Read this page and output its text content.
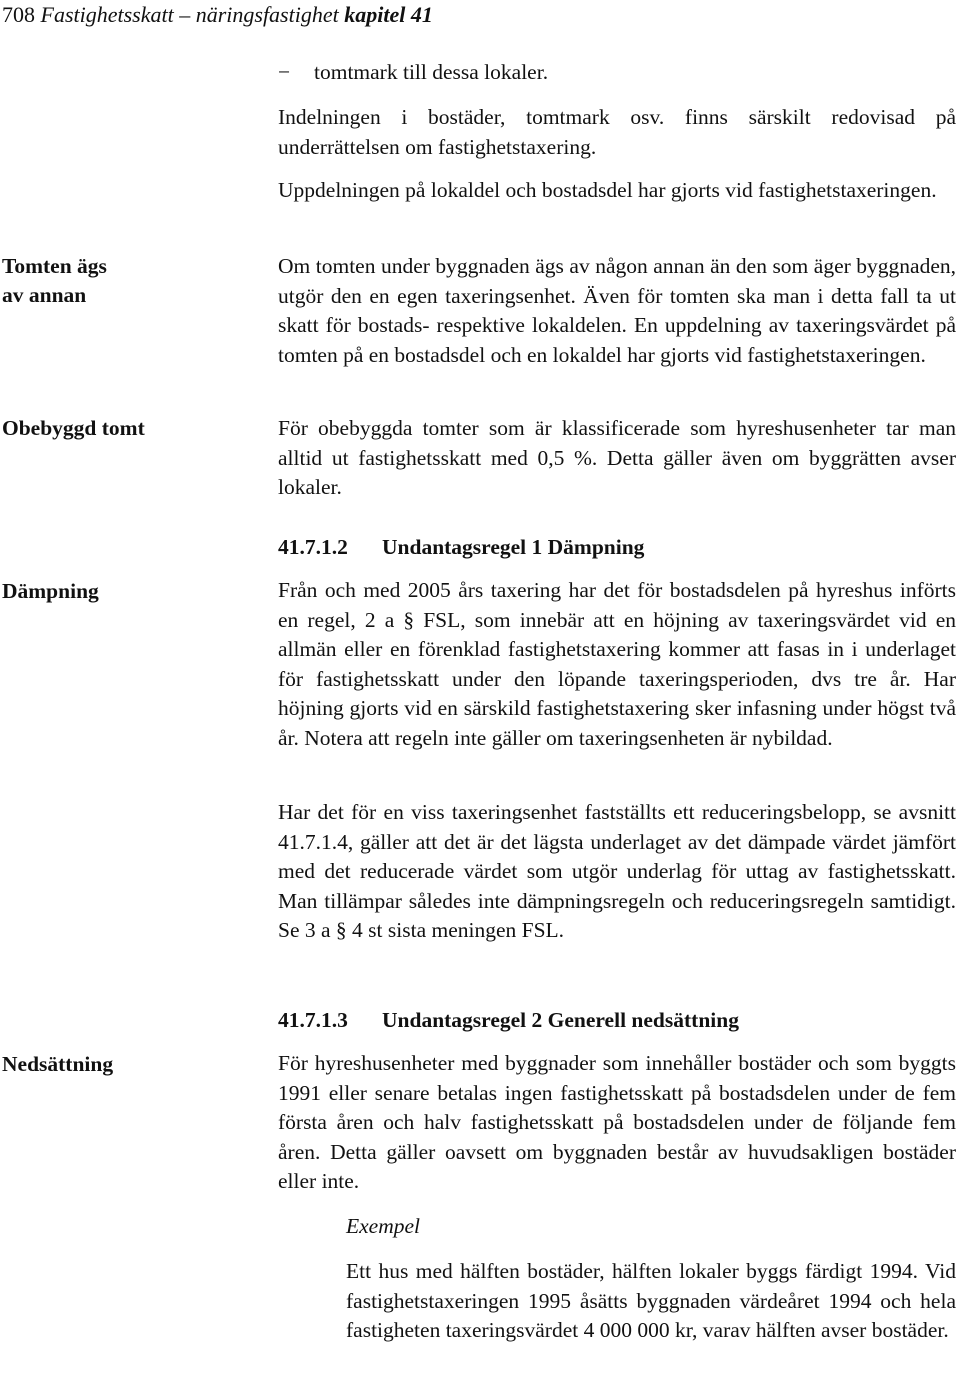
708 Fastighetsskatt – näringsfastighet kapitel 41
− tomtmark till dessa lokaler.
Indelningen i bostäder, tomtmark osv. finns särskilt redovisad på underrättelsen om fastighetstaxering.
Uppdelningen på lokaldel och bostadsdel har gjorts vid fastighetstaxeringen.
Tomten ägs av annan
Om tomten under byggnaden ägs av någon annan än den som äger byggnaden, utgör den en egen taxeringsenhet. Även för tomten ska man i detta fall ta ut skatt för bostads- respektive lokaldelen. En uppdelning av taxeringsvärdet på tomten på en bostadsdel och en lokaldel har gjorts vid fastighetstaxeringen.
Obebyggd tomt	För obebyggda tomter som är klassificerade som hyreshusenheter tar man alltid ut fastighetsskatt med 0,5 %. Detta gäller även om byggrätten avser lokaler.
41.7.1.2 Undantagsregel 1 Dämpning
Dämpning	Från och med 2005 års taxering har det för bostadsdelen på hyreshus införts en regel, 2 a § FSL, som innebär att en höjning av taxeringsvärdet vid en allmän eller en förenklad fastighetstaxering kommer att fasas in i underlaget för fastighetsskatt under den löpande taxeringsperioden, dvs tre år. Har höjning gjorts vid en särskild fastighetstaxering sker infasning under högst två år. Notera att regeln inte gäller om taxeringsenheten är nybildad.
Har det för en viss taxeringsenhet fastställts ett reduceringsbelopp, se avsnitt 41.7.1.4, gäller att det är det lägsta underlaget av det dämpade värdet jämfört med det reducerade värdet som utgör underlag för uttag av fastighetsskatt. Man tillämpar således inte dämpningsregeln och reduceringsregeln samtidigt. Se 3 a § 4 st sista meningen FSL.
41.7.1.3 Undantagsregel 2 Generell nedsättning
Nedsättning	För hyreshusenheter med byggnader som innehåller bostäder och som byggts 1991 eller senare betalas ingen fastighetsskatt på bostadsdelen under de fem första åren och halv fastighetsskatt på bostadsdelen under de följande fem åren. Detta gäller oavsett om byggnaden består av huvudsakligen bostäder eller inte.
Exempel
Ett hus med hälften bostäder, hälften lokaler byggs färdigt 1994. Vid fastighetstaxeringen 1995 åsätts byggnaden värdeåret 1994 och hela fastigheten taxeringsvärdet 4 000 000 kr, varav hälften avser bostäder.
